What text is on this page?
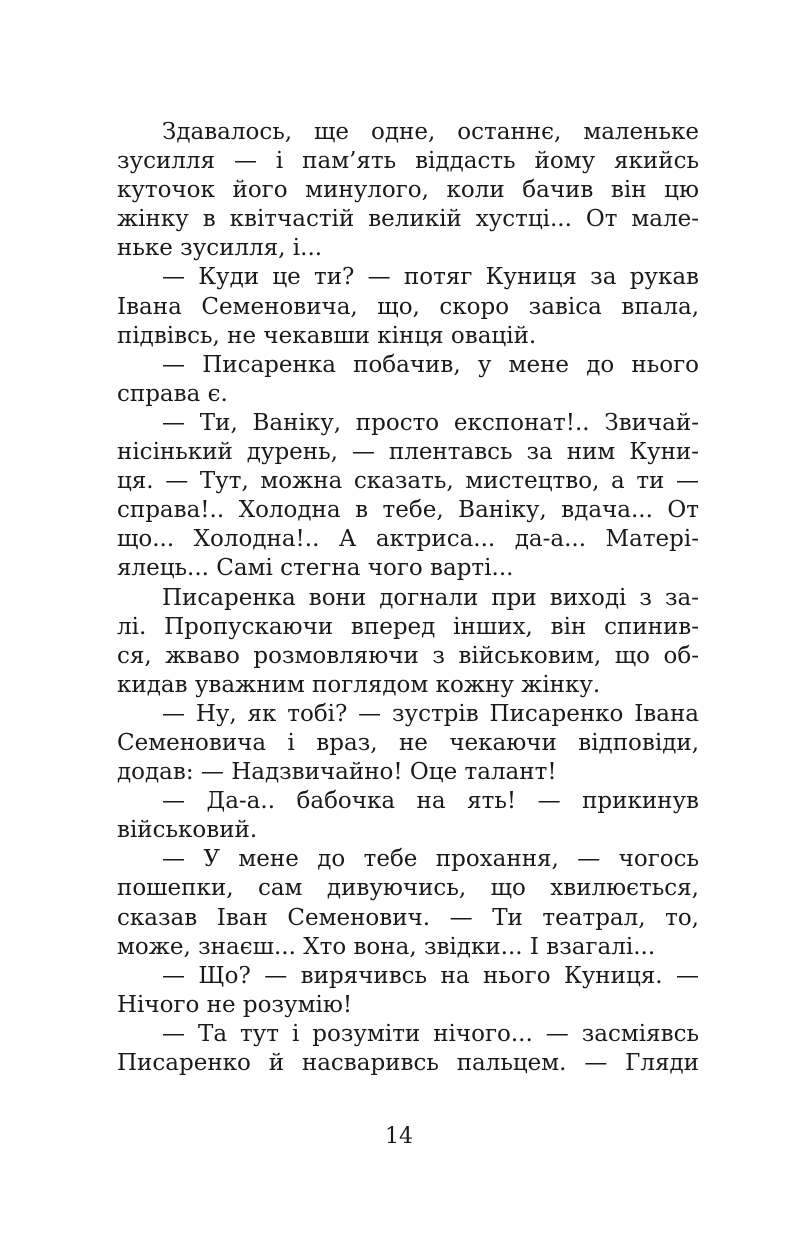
Здавалось, ще одне, останнє, маленьке
зусилля — і пам’ять віддасть йому якийсь
куточок його минулого, коли бачив він цю
жінку в квітчастій великій хустці... От мале-
ньке зусилля, і...
— Куди це ти? — потяг Куниця за рукав
Івана Семеновича, що, скоро завіса впала,
підвівсь, не чекавши кінця овацій.
— Писаренка побачив, у мене до нього
справа є.
— Ти, Ваніку, просто експонат!.. Звичай-
нісінький дурень, — плентавсь за ним Куни-
ця. — Тут, можна сказать, мистецтво, а ти —
справа!.. Холодна в тебе, Ваніку, вдача... От
що... Холодна!.. А актриса... да-а... Матері-
ялець... Самі стегна чого варті...
Писаренка вони догнали при виході з за-
лі. Пропускаючи вперед інших, він спинив-
ся, жваво розмовляючи з військовим, що об-
кидав уважним поглядом кожну жінку.
— Ну, як тобі? — зустрів Писаренко Івана
Семеновича і враз, не чекаючи відповіди,
додав: — Надзвичайно! Оце талант!
— Да-а.. бабочка на ять! — прикинув
військовий.
— У мене до тебе прохання, — чогось
пошепки, сам дивуючись, що хвилюється,
сказав Іван Семенович. — Ти театрал, то,
може, знаєш... Хто вона, звідки... І взагалі...
— Що? — вирячивсь на нього Куниця. —
Нічого не розумію!
— Та тут і розуміти нічого... — засміявсь
Писаренко й насваривсь пальцем. — Гляди
14
